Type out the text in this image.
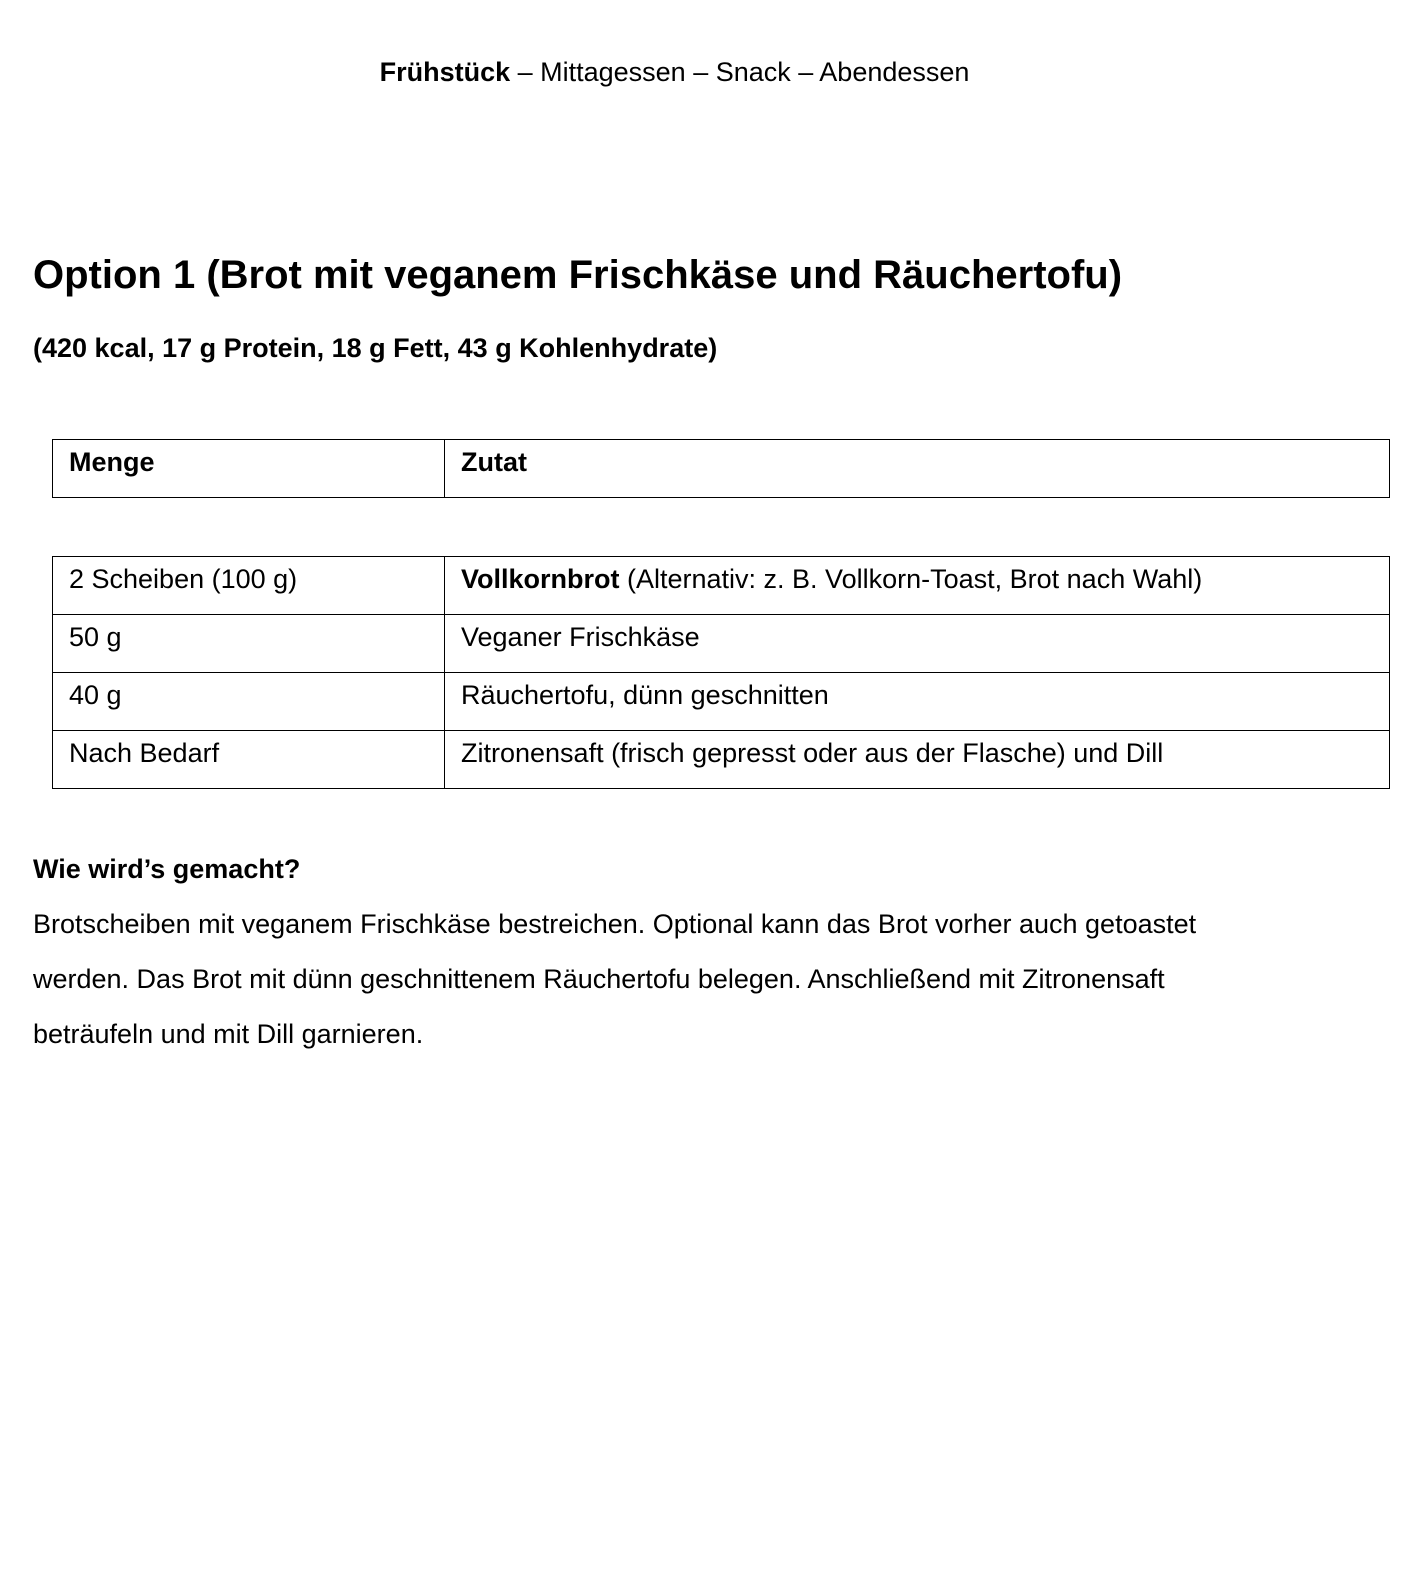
Frühstück – Mittagessen – Snack – Abendessen
Option 1 (Brot mit veganem Frischkäse und Räuchertofu)

(420 kcal, 17 g Protein, 18 g Fett, 43 g Kohlenhydrate)

Menge	Zutat
2 Scheiben (100 g)	Vollkornbrot (Alternativ: z. B. Vollkorn-Toast, Brot nach Wahl)
50 g	Veganer Frischkäse
40 g	Räuchertofu, dünn geschnitten
Nach Bedarf	Zitronensaft (frisch gepresst oder aus der Flasche) und Dill
Wie wird’s gemacht?

Brotscheiben mit veganem Frischkäse bestreichen. Optional kann das Brot vorher auch getoastet werden. Das Brot mit dünn geschnittenem Räuchertofu belegen. Anschließend mit Zitronensaft beträufeln und mit Dill garnieren.
